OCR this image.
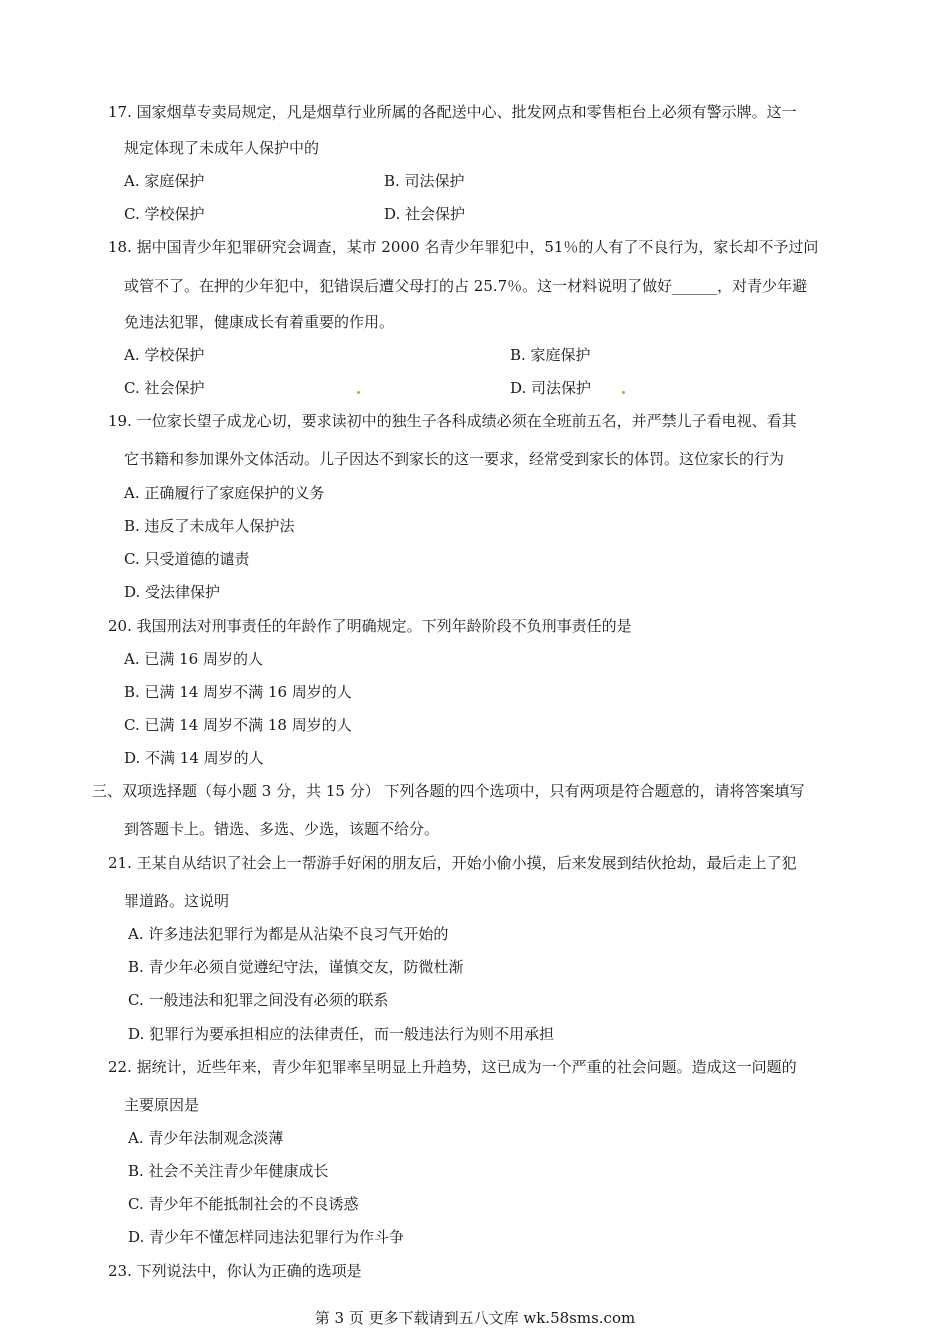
17. 国家烟草专卖局规定，凡是烟草行业所属的各配送中心、批发网点和零售柜台上必须有警示牌。这一
规定体现了未成年人保护中的
A. 家庭保护	B. 司法保护
C. 学校保护	D. 社会保护
18. 据中国青少年犯罪研究会调查，某市 2000 名青少年罪犯中，51％的人有了不良行为，家长却不予过问
或管不了。在押的少年犯中，犯错误后遭父母打的占 25.7％。这一材料说明了做好______，对青少年避
免违法犯罪，健康成长有着重要的作用。
A. 学校保护	B. 家庭保护
C. 社会保护	D. 司法保护
19. 一位家长望子成龙心切，要求读初中的独生子各科成绩必须在全班前五名，并严禁儿子看电视、看其
它书籍和参加课外文体活动。儿子因达不到家长的这一要求，经常受到家长的体罚。这位家长的行为
A. 正确履行了家庭保护的义务
B. 违反了未成年人保护法
C. 只受道德的谴责
D. 受法律保护
20. 我国刑法对刑事责任的年龄作了明确规定。下列年龄阶段不负刑事责任的是
A. 已满 16 周岁的人
B. 已满 14 周岁不满 16 周岁的人
C. 已满 14 周岁不满 18 周岁的人
D. 不满 14 周岁的人
三、双项选择题（每小题 3 分，共 15 分） 下列各题的四个选项中，只有两项是符合题意的，请将答案填写
到答题卡上。错选、多选、少选，该题不给分。
21. 王某自从结识了社会上一帮游手好闲的朋友后，开始小偷小摸，后来发展到结伙抢劫，最后走上了犯
罪道路。这说明
A. 许多违法犯罪行为都是从沾染不良习气开始的
B. 青少年必须自觉遵纪守法，谨慎交友，防微杜渐
C. 一般违法和犯罪之间没有必须的联系
D. 犯罪行为要承担相应的法律责任，而一般违法行为则不用承担
22. 据统计，近些年来，青少年犯罪率呈明显上升趋势，这已成为一个严重的社会问题。造成这一问题的
主要原因是
A. 青少年法制观念淡薄
B. 社会不关注青少年健康成长
C. 青少年不能抵制社会的不良诱惑
D. 青少年不懂怎样同违法犯罪行为作斗争
23. 下列说法中，你认为正确的选项是
第 3 页 更多下载请到五八文库 wk.58sms.com
